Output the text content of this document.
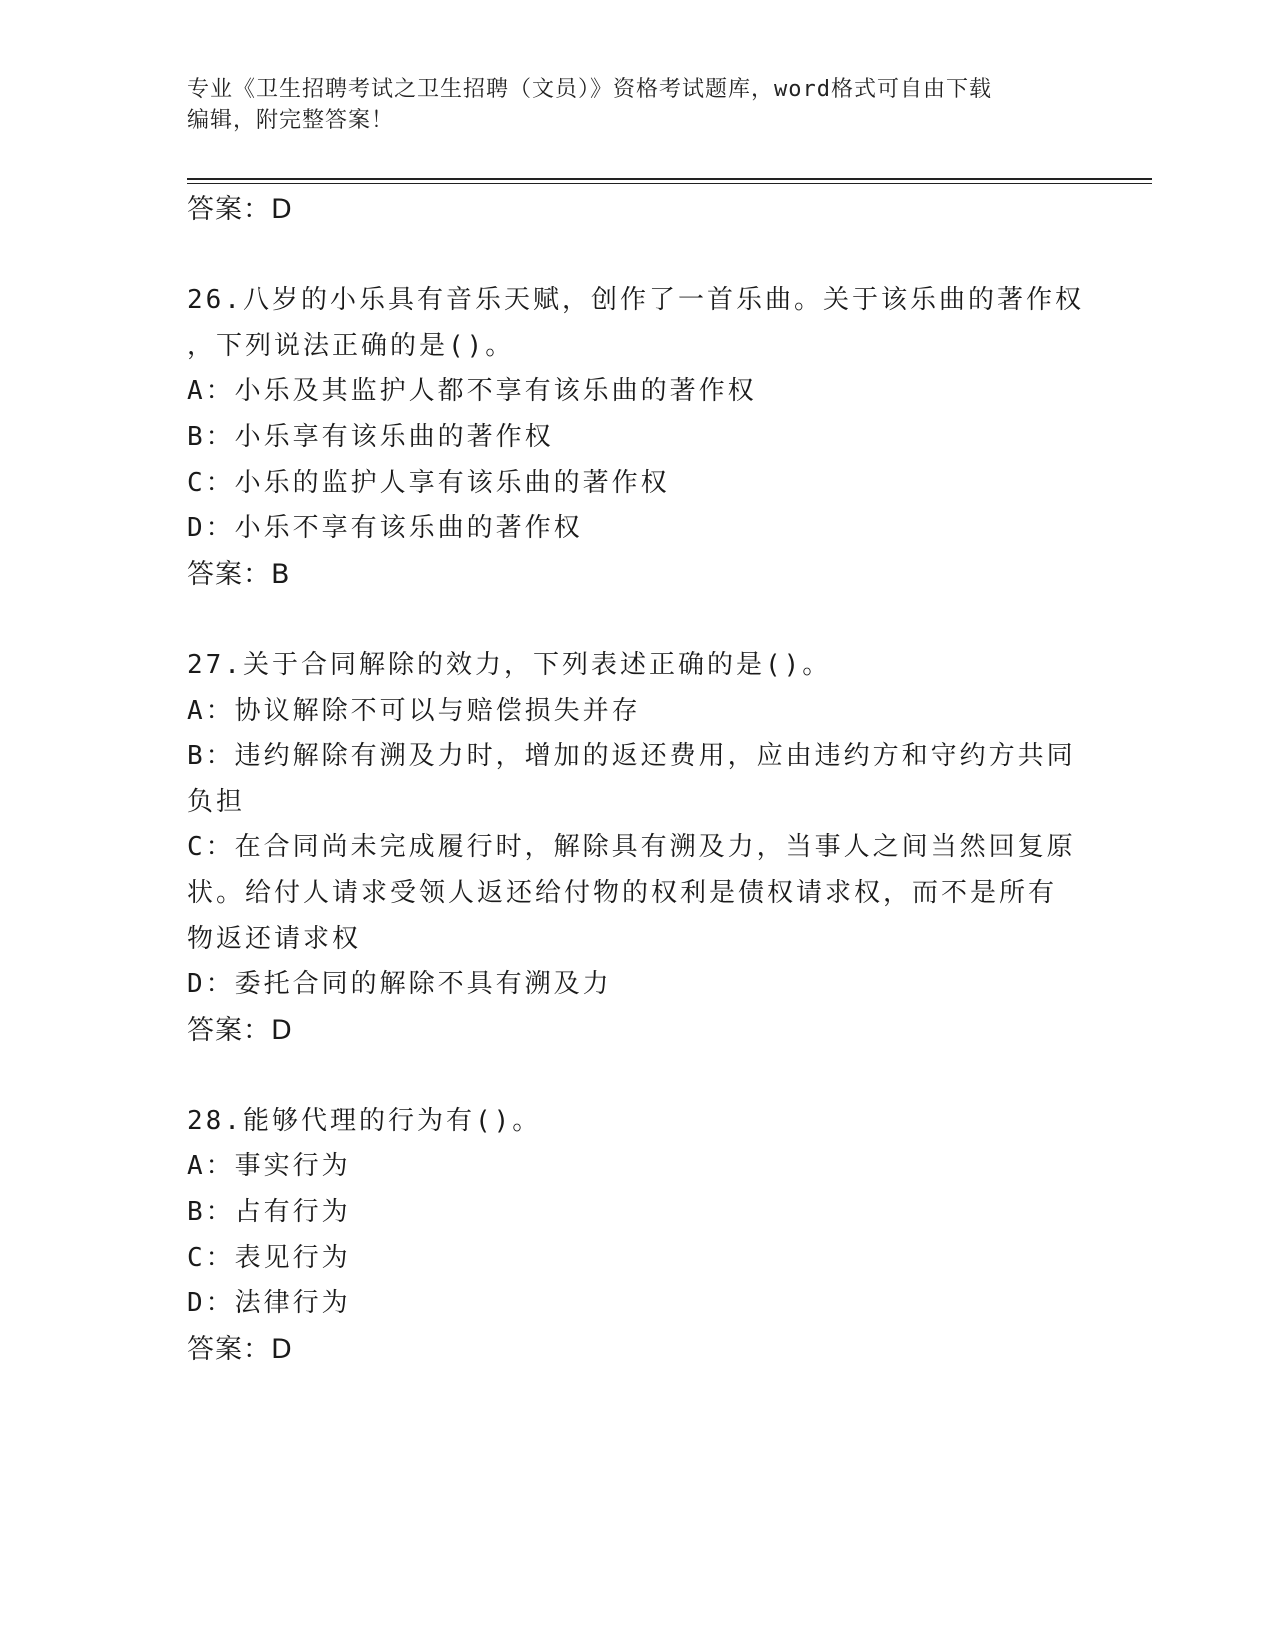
专业《卫生招聘考试之卫生招聘（文员）》资格考试题库，word格式可自由下载
编辑，附完整答案！
答案：D
26.八岁的小乐具有音乐天赋，创作了一首乐曲。关于该乐曲的著作权
，下列说法正确的是()。
A：小乐及其监护人都不享有该乐曲的著作权
B：小乐享有该乐曲的著作权
C：小乐的监护人享有该乐曲的著作权
D：小乐不享有该乐曲的著作权
答案：B
27.关于合同解除的效力，下列表述正确的是()。
A：协议解除不可以与赔偿损失并存
B：违约解除有溯及力时，增加的返还费用，应由违约方和守约方共同
负担
C：在合同尚未完成履行时，解除具有溯及力，当事人之间当然回复原
状。给付人请求受领人返还给付物的权利是债权请求权，而不是所有
物返还请求权
D：委托合同的解除不具有溯及力
答案：D
28.能够代理的行为有()。
A：事实行为
B：占有行为
C：表见行为
D：法律行为
答案：D
